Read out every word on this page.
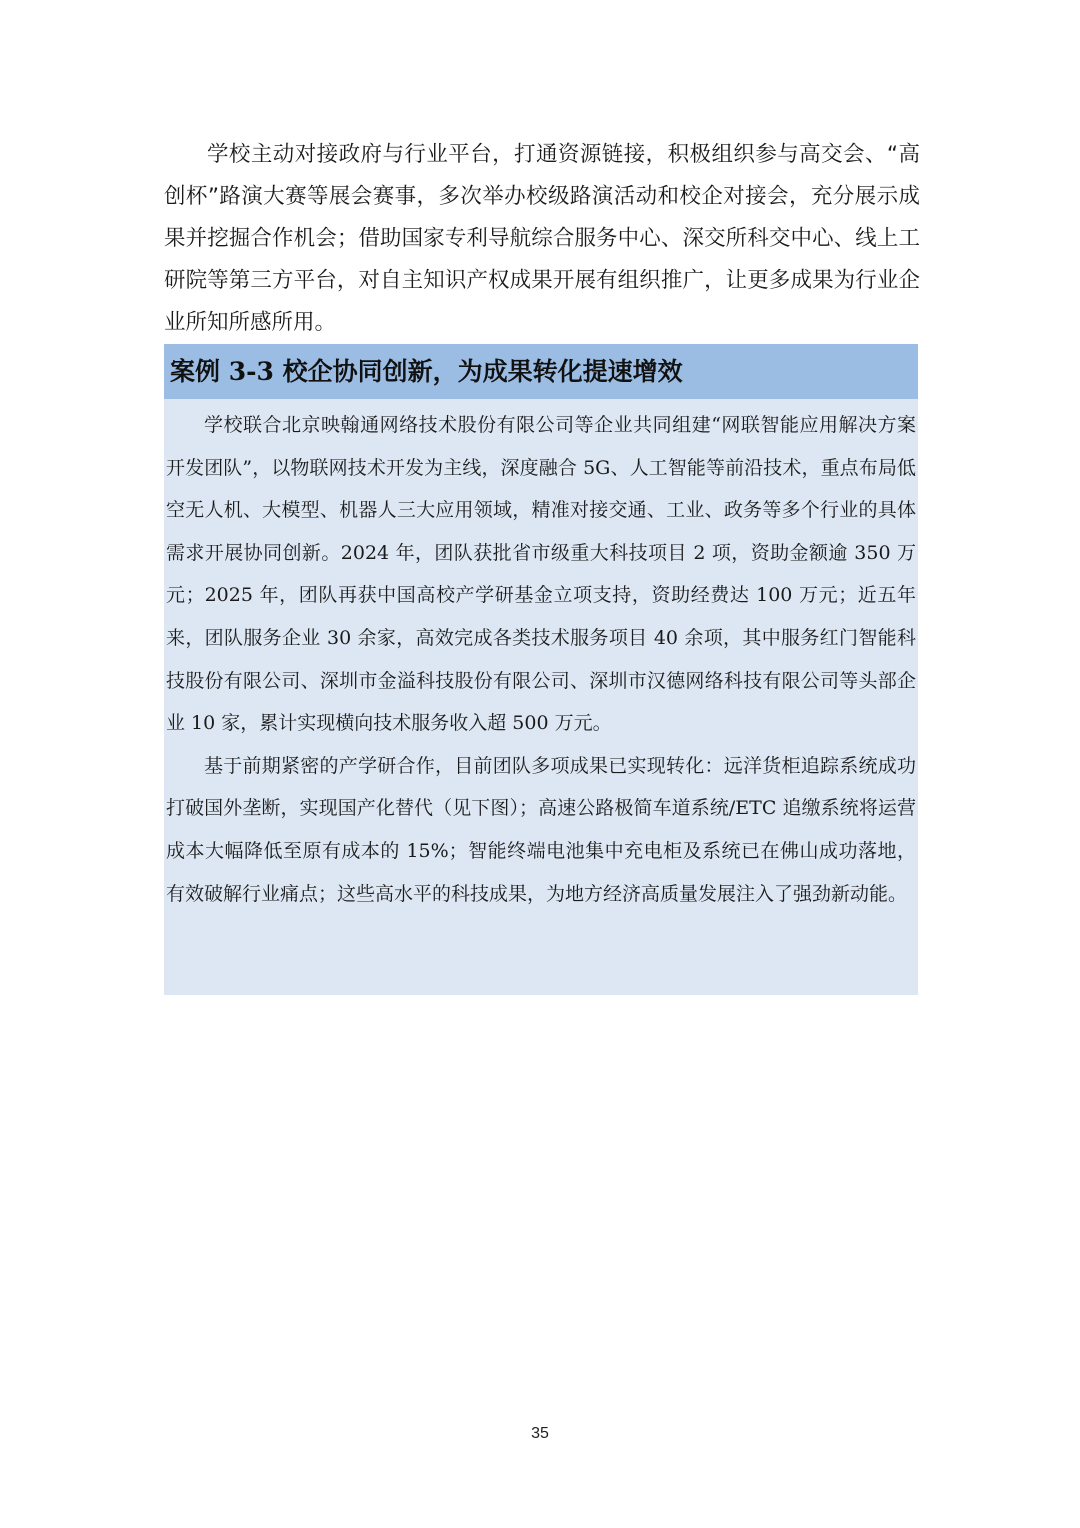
学校主动对接政府与行业平台，打通资源链接，积极组织参与高交会、“高创杯”路演大赛等展会赛事，多次举办校级路演活动和校企对接会，充分展示成果并挖掘合作机会；借助国家专利导航综合服务中心、深交所科交中心、线上工研院等第三方平台，对自主知识产权成果开展有组织推广，让更多成果为行业企业所知所感所用。

案例 3-3 校企协同创新，为成果转化提速增效

学校联合北京映翰通网络技术股份有限公司等企业共同组建“网联智能应用解决方案开发团队”，以物联网技术开发为主线，深度融合 5G、人工智能等前沿技术，重点布局低空无人机、大模型、机器人三大应用领域，精准对接交通、工业、政务等多个行业的具体需求开展协同创新。2024 年，团队获批省市级重大科技项目 2 项，资助金额逾 350 万元；2025 年，团队再获中国高校产学研基金立项支持，资助经费达 100 万元；近五年来，团队服务企业 30 余家，高效完成各类技术服务项目 40 余项，其中服务红门智能科技股份有限公司、深圳市金溢科技股份有限公司、深圳市汉德网络科技有限公司等头部企业 10 家，累计实现横向技术服务收入超 500 万元。

基于前期紧密的产学研合作，目前团队多项成果已实现转化：远洋货柜追踪系统成功打破国外垄断，实现国产化替代（见下图）；高速公路极简车道系统/ETC 追缴系统将运营成本大幅降低至原有成本的 15%；智能终端电池集中充电柜及系统已在佛山成功落地，有效破解行业痛点；这些高水平的科技成果，为地方经济高质量发展注入了强劲新动能。

35
